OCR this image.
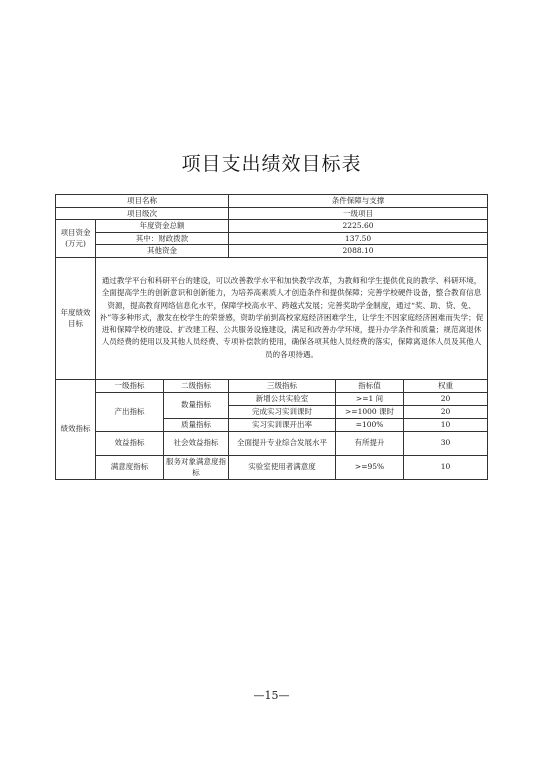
项目支出绩效目标表
项目名称			条件保障与支撑		
项目级次			一级项目		
项目资金(万元)	年度资金总额		2225.60		
	其中：财政拨款		137.50		
	其他资金		2088.10		
年度绩效目标	通过教学平台和科研平台的建设，可以改善教学水平和加快教学改革，为教师和学生提供优良的教学、科研环境，全面提高学生的创新意识和创新能力，为培养高素质人才创造条件和提供保障；完善学校硬件设备，整合教育信息资源，提高教育网络信息化水平，保障学校高水平、跨越式发展；完善奖助学金制度，通过“奖、助、贷、免、补”等多种形式，激发在校学生的荣誉感，资助学前到高校家庭经济困难学生，让学生不因家庭经济困难而失学；促进和保障学校的建设、扩改建工程、公共服务设施建设，满足和改善办学环境，提升办学条件和质量；规范离退休人员经费的使用以及其他人员经费、专项补偿款的使用，确保各项其他人员经费的落实，保障离退休人员及其他人员的各项待遇。				
绩效指标	一级指标	二级指标	三级指标	指标值	权重
	产出指标	数量指标	新增公共实验室	>=1 间	20
			完成实习实训课时	>=1000 课时	20
		质量指标	实习实训课开出率	=100%	10
	效益指标	社会效益指标	全面提升专业综合发展水平	有所提升	30
	满意度指标	服务对象满意度指标	实验室使用者满意度	>=95%	10
—15—
